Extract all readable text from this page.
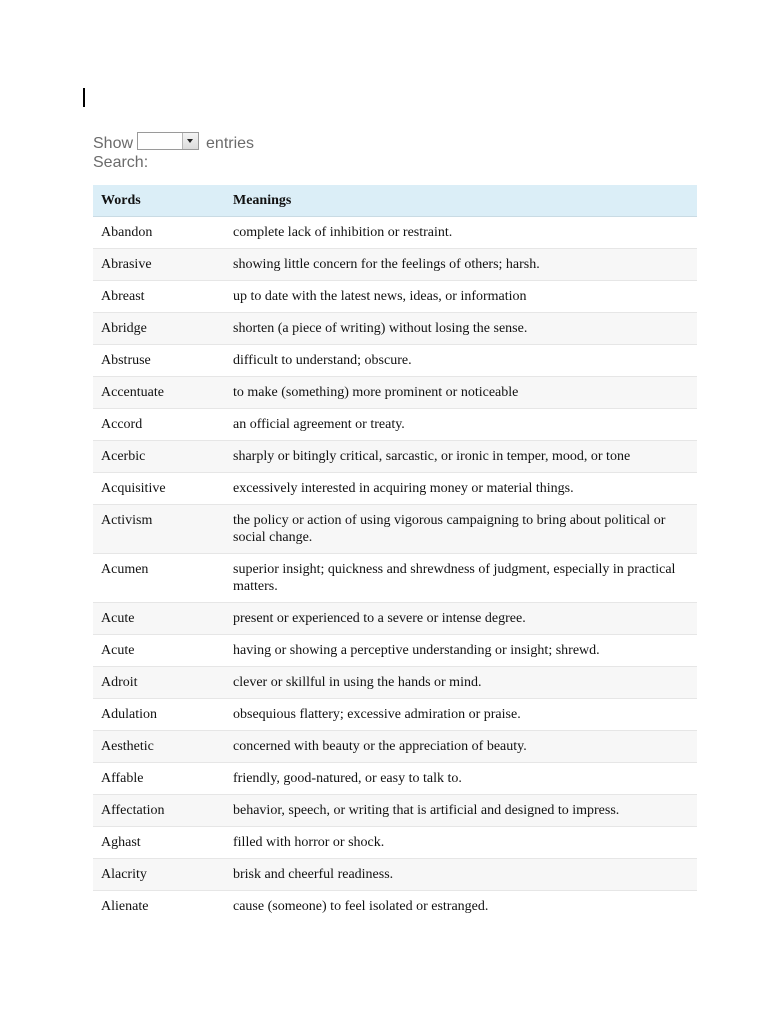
Show	entries
Search:
Words	Meanings
Abandon	complete lack of inhibition or restraint.
Abrasive	showing little concern for the feelings of others; harsh.
Abreast	up to date with the latest news, ideas, or information
Abridge	shorten (a piece of writing) without losing the sense.
Abstruse	difficult to understand; obscure.
Accentuate	to make (something) more prominent or noticeable
Accord	an official agreement or treaty.
Acerbic	sharply or bitingly critical, sarcastic, or ironic in temper, mood, or tone
Acquisitive	excessively interested in acquiring money or material things.
Activism	the policy or action of using vigorous campaigning to bring about political or social change.
Acumen	superior insight; quickness and shrewdness of judgment, especially in practical matters.
Acute	present or experienced to a severe or intense degree.
Acute	having or showing a perceptive understanding or insight; shrewd.
Adroit	clever or skillful in using the hands or mind.
Adulation	obsequious flattery; excessive admiration or praise.
Aesthetic	concerned with beauty or the appreciation of beauty.
Affable	friendly, good-natured, or easy to talk to.
Affectation	behavior, speech, or writing that is artificial and designed to impress.
Aghast	filled with horror or shock.
Alacrity	brisk and cheerful readiness.
Alienate	cause (someone) to feel isolated or estranged.
